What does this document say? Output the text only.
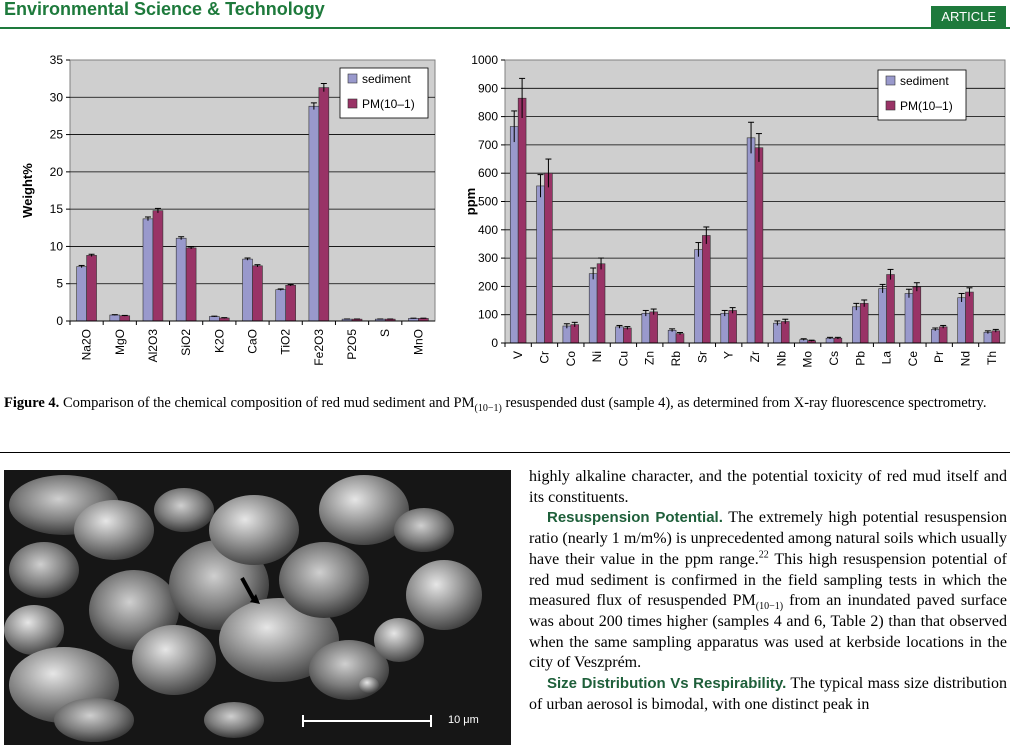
Environmental Science & Technology	ARTICLE
0
5
10
15
20
25
30
35
Weight%
Na2O MgO Al2O3 SiO2 K2O CaO TiO2 Fe2O3 P2O5 S MnO
sediment
PM(10–1)
0
100
200
300
400
500
600
700
800
900
1000
ppm
V Cr Co Ni Cu Zn Rb Sr Y Zr Nb Mo Cs Pb La Ce Pr Nd Th
sediment
PM(10–1)
Figure 4. Comparison of the chemical composition of red mud sediment and $PM_{(10-1)}$ resuspended dust (sample 4), as determined from X-ray fluorescence spectrometry.
10 μm

highly alkaline character, and the potential toxicity of red mud itself and its constituents.

Resuspension Potential. The extremely high potential resuspension ratio (nearly 1 m/m%) is unprecedented among natural soils which usually have their value in the ppm range.$^{22}$ This high resuspension potential of red mud sediment is confirmed in the field sampling tests in which the measured flux of resuspended $PM_{(10-1)}$ from an inundated paved surface was about 200 times higher (samples 4 and 6, Table 2) than that observed when the same sampling apparatus was used at kerbside locations in the city of Veszprém.

Size Distribution Vs Respirability. The typical mass size distribution of urban aerosol is bimodal, with one distinct peak in
